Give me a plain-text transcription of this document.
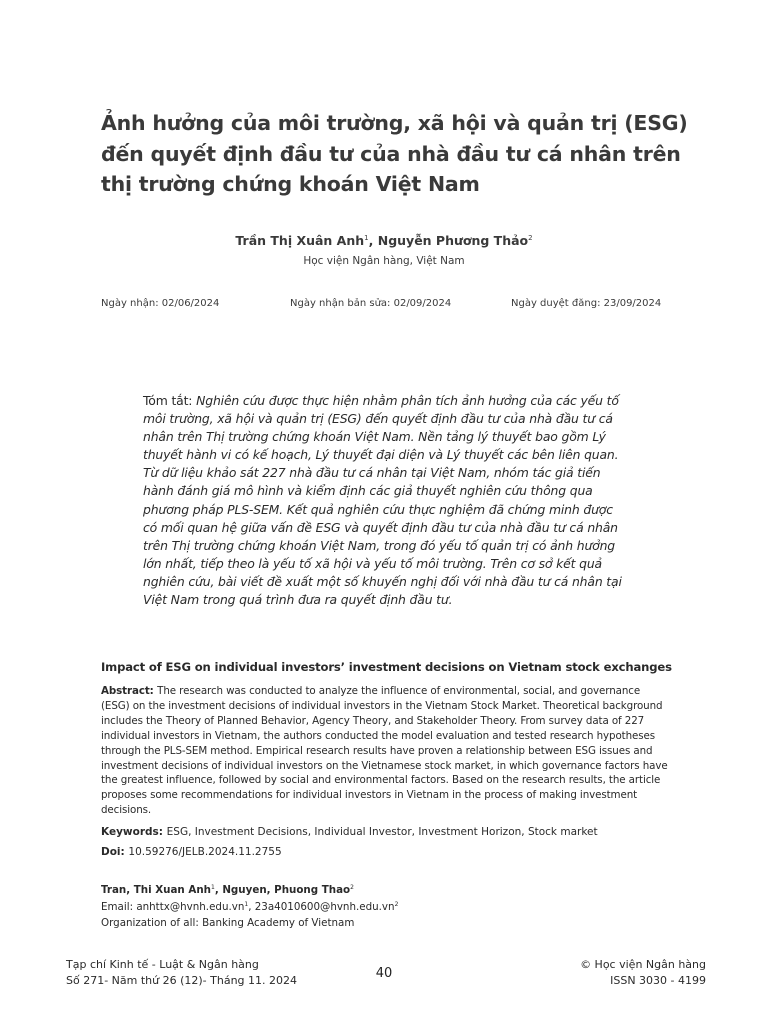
Ảnh hưởng của môi trường, xã hội và quản trị (ESG) đến quyết định đầu tư của nhà đầu tư cá nhân trên thị trường chứng khoán Việt Nam
Trần Thị Xuân Anh$^1$, Nguyễn Phương Thảo$^2$
Học viện Ngân hàng, Việt Nam
Ngày nhận: 02/06/2024	Ngày nhận bản sửa: 02/09/2024	Ngày duyệt đăng: 23/09/2024
Tóm tắt: Nghiên cứu được thực hiện nhằm phân tích ảnh hưởng của các yếu tố môi trường, xã hội và quản trị (ESG) đến quyết định đầu tư của nhà đầu tư cá nhân trên Thị trường chứng khoán Việt Nam. Nền tảng lý thuyết bao gồm Lý thuyết hành vi có kế hoạch, Lý thuyết đại diện và Lý thuyết các bên liên quan. Từ dữ liệu khảo sát 227 nhà đầu tư cá nhân tại Việt Nam, nhóm tác giả tiến hành đánh giá mô hình và kiểm định các giả thuyết nghiên cứu thông qua phương pháp PLS-SEM. Kết quả nghiên cứu thực nghiệm đã chứng minh được có mối quan hệ giữa vấn đề ESG và quyết định đầu tư của nhà đầu tư cá nhân trên Thị trường chứng khoán Việt Nam, trong đó yếu tố quản trị có ảnh hưởng lớn nhất, tiếp theo là yếu tố xã hội và yếu tố môi trường. Trên cơ sở kết quả nghiên cứu, bài viết đề xuất một số khuyến nghị đối với nhà đầu tư cá nhân tại Việt Nam trong quá trình đưa ra quyết định đầu tư.
Impact of ESG on individual investors’ investment decisions on Vietnam stock exchanges
Abstract: The research was conducted to analyze the influence of environmental, social, and governance (ESG) on the investment decisions of individual investors in the Vietnam Stock Market. Theoretical background includes the Theory of Planned Behavior, Agency Theory, and Stakeholder Theory. From survey data of 227 individual investors in Vietnam, the authors conducted the model evaluation and tested research hypotheses through the PLS-SEM method. Empirical research results have proven a relationship between ESG issues and investment decisions of individual investors on the Vietnamese stock market, in which governance factors have the greatest influence, followed by social and environmental factors. Based on the research results, the article proposes some recommendations for individual investors in Vietnam in the process of making investment decisions.
Keywords: ESG, Investment Decisions, Individual Investor, Investment Horizon, Stock market
Doi: 10.59276/JELB.2024.11.2755
Tran, Thi Xuan Anh$^1$, Nguyen, Phuong Thao$^2$
Email: $anhttx@hvnh.edu.vn^1$, $23a4010600@hvnh.edu.vn^2$
Organization of all: Banking Academy of Vietnam
Tạp chí Kinh tế - Luật & Ngân hàng
Số 271- Năm thứ 26 (12)- Tháng 11. 2024	40
© Học viện Ngân hàng
ISSN 3030 - 4199
